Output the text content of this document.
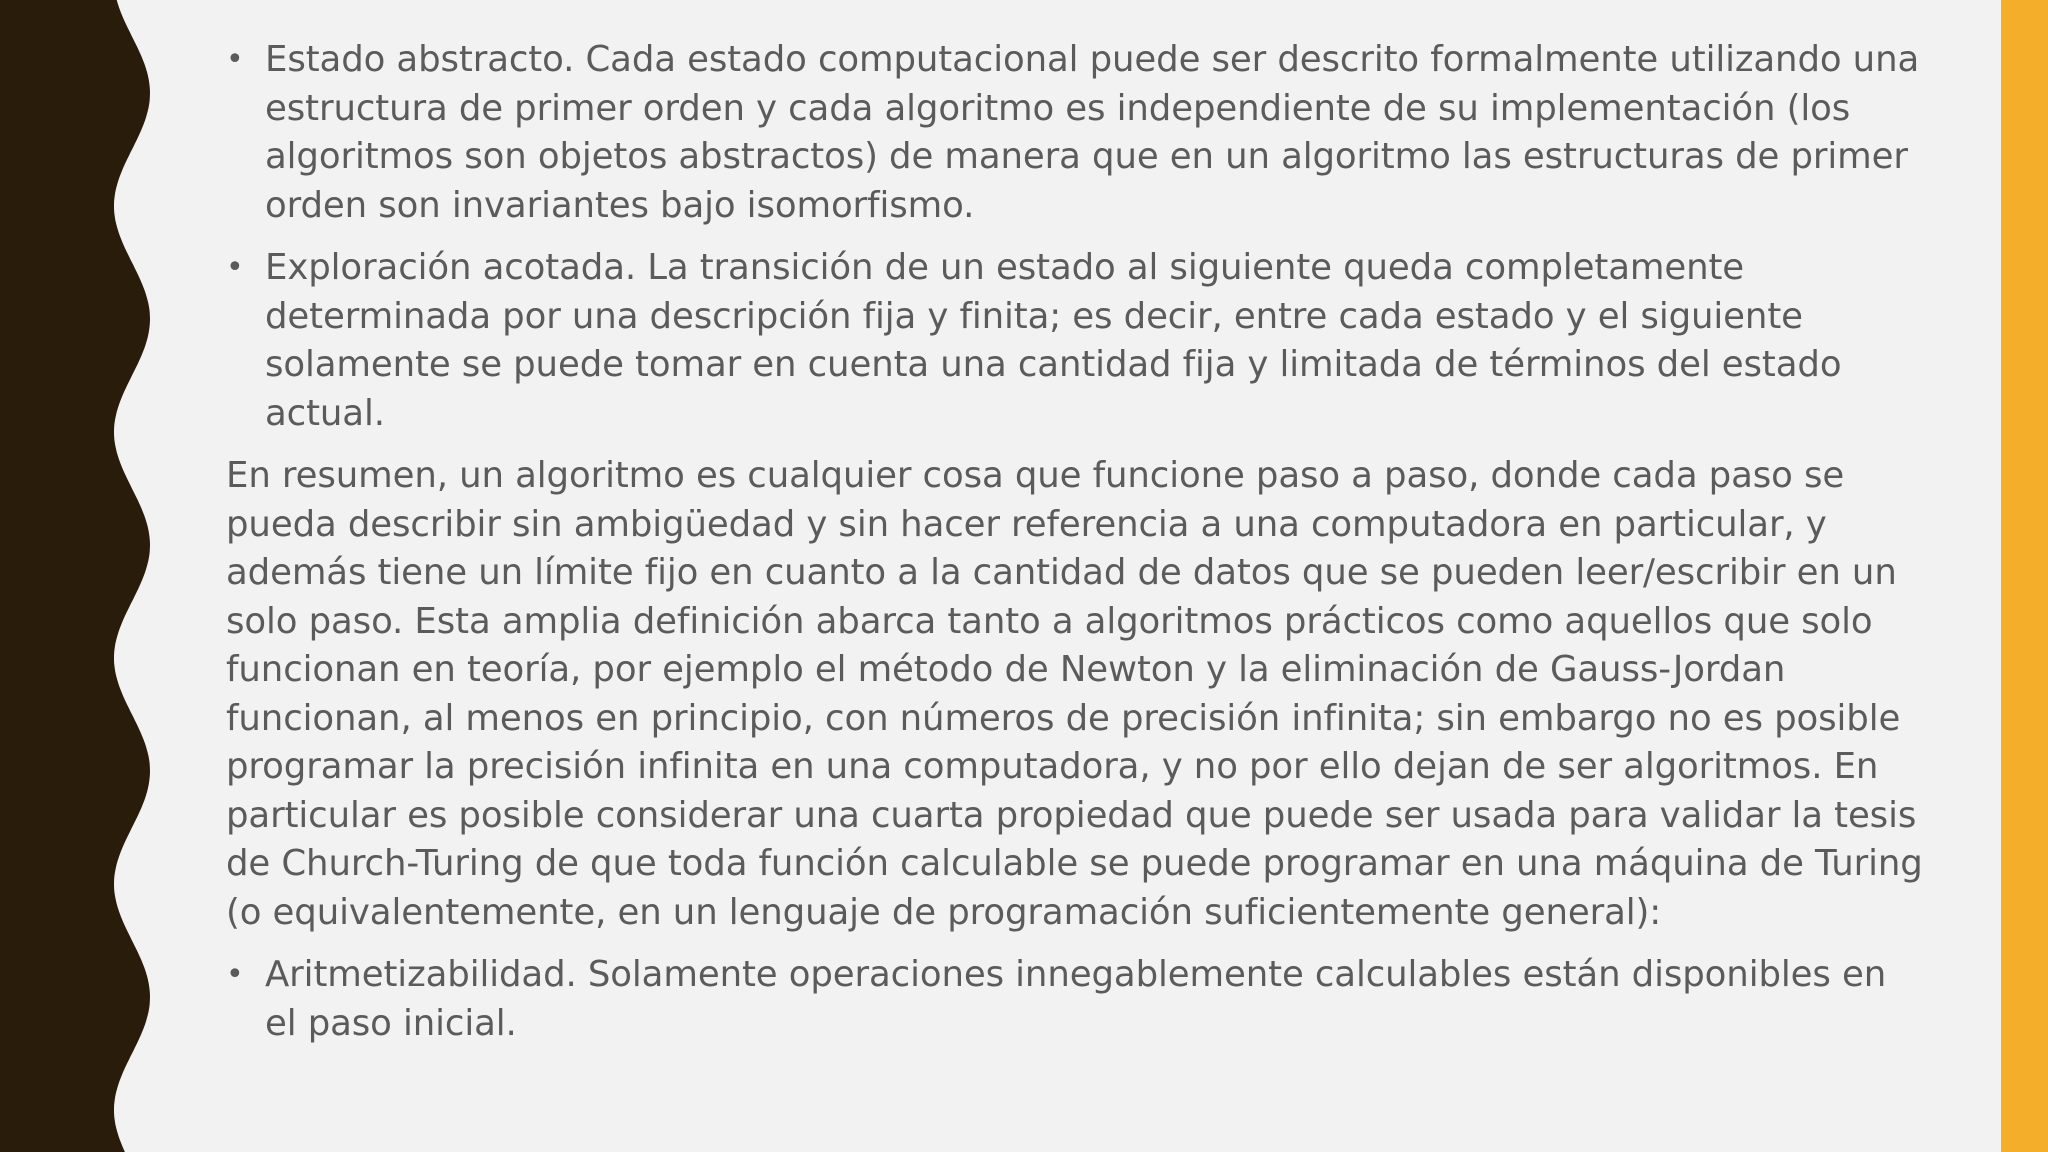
• Estado abstracto. Cada estado computacional puede ser descrito formalmente utilizando una estructura de primer orden y cada algoritmo es independiente de su implementación (los algoritmos son objetos abstractos) de manera que en un algoritmo las estructuras de primer orden son invariantes bajo isomorfismo.
• Exploración acotada. La transición de un estado al siguiente queda completamente determinada por una descripción fija y finita; es decir, entre cada estado y el siguiente solamente se puede tomar en cuenta una cantidad fija y limitada de términos del estado actual.

En resumen, un algoritmo es cualquier cosa que funcione paso a paso, donde cada paso se pueda describir sin ambigüedad y sin hacer referencia a una computadora en particular, y además tiene un límite fijo en cuanto a la cantidad de datos que se pueden leer/escribir en un solo paso. Esta amplia definición abarca tanto a algoritmos prácticos como aquellos que solo funcionan en teoría, por ejemplo el método de Newton y la eliminación de Gauss-Jordan funcionan, al menos en principio, con números de precisión infinita; sin embargo no es posible programar la precisión infinita en una computadora, y no por ello dejan de ser algoritmos. En particular es posible considerar una cuarta propiedad que puede ser usada para validar la tesis de Church-Turing de que toda función calculable se puede programar en una máquina de Turing (o equivalentemente, en un lenguaje de programación suficientemente general):

• Aritmetizabilidad. Solamente operaciones innegablemente calculables están disponibles en el paso inicial.
